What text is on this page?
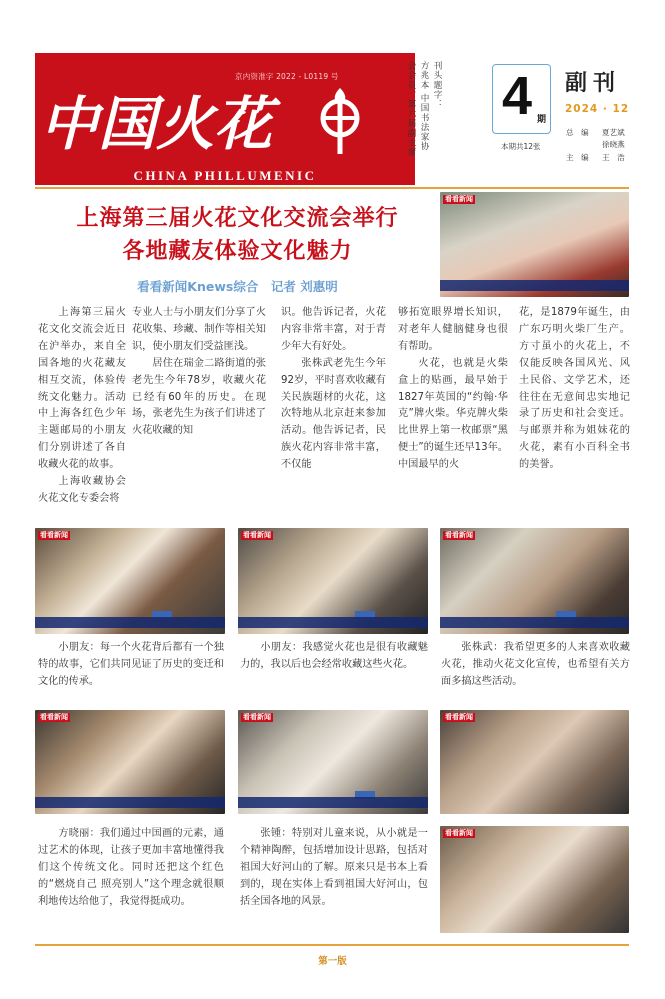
京内资准字 2022 - L0119 号
中国火花
CHINA PHILLUMENIC
刊头题字：
方兆本 中国书法家协
会会员、第六届副主席 4 期
本期共12张
副刊
2024 · 12
总　编 夏艺斌
徐晓燕
主　编 王　浩
上海第三届火花文化交流会举行
各地藏友体验文化魅力
看看新闻Knews综合　记者 刘惠明
看看新闻

上海第三届火花文化交流会近日在沪举办，来自全国各地的火花藏友相互交流，体验传统文化魅力。活动中上海各红色少年主题邮局的小朋友们分别讲述了各自收藏火花的故事。

上海收藏协会火花文化专委会将

专业人士与小朋友们分享了火花收集、珍藏、制作等相关知识，使小朋友们受益匪浅。

居住在瑞金二路街道的张老先生今年78岁，收藏火花已经有60年的历史。在现场，张老先生为孩子们讲述了火花收藏的知

识。他告诉记者，火花内容非常丰富，对于青少年大有好处。

张株武老先生今年92岁，平时喜欢收藏有关民族题材的火花，这次特地从北京赶来参加活动。他告诉记者，民族火花内容非常丰富，不仅能

够拓宽眼界增长知识，对老年人健脑健身也很有帮助。

火花，也就是火柴盒上的贴画，最早始于1827年英国的“约翰·华克”牌火柴。华克牌火柴比世界上第一枚邮票“黑便士”的诞生还早13年。中国最早的火

花，是1879年诞生，由广东巧明火柴厂生产。方寸虽小的火花上，不仅能反映各国风光、风土民俗、文学艺术，还往往在无意间忠实地记录了历史和社会变迁。与邮票并称为姐妹花的火花，素有小百科全书的美誉。

看看新闻	看看新闻	看看新闻
小朋友：每一个火花背后都有一个独特的故事，它们共同见证了历史的变迁和文化的传承。
小朋友：我感觉火花也是很有收藏魅力的，我以后也会经常收藏这些火花。
张株武：我希望更多的人来喜欢收藏火花，推动火花文化宣传，也希望有关方面多搞这些活动。
看看新闻	看看新闻	看看新闻
方晓丽：我们通过中国画的元素，通过艺术的体现，让孩子更加丰富地懂得我们这个传统文化。同时还把这个红色的“燃烧自己 照亮别人”这个理念就很顺利地传达给他了，我觉得挺成功。
张锺：特别对儿童来说，从小就是一个精神陶醉，包括增加设计思路，包括对祖国大好河山的了解。原来只是书本上看到的，现在实体上看到祖国大好河山，包括全国各地的风景。
看看新闻
第一版
